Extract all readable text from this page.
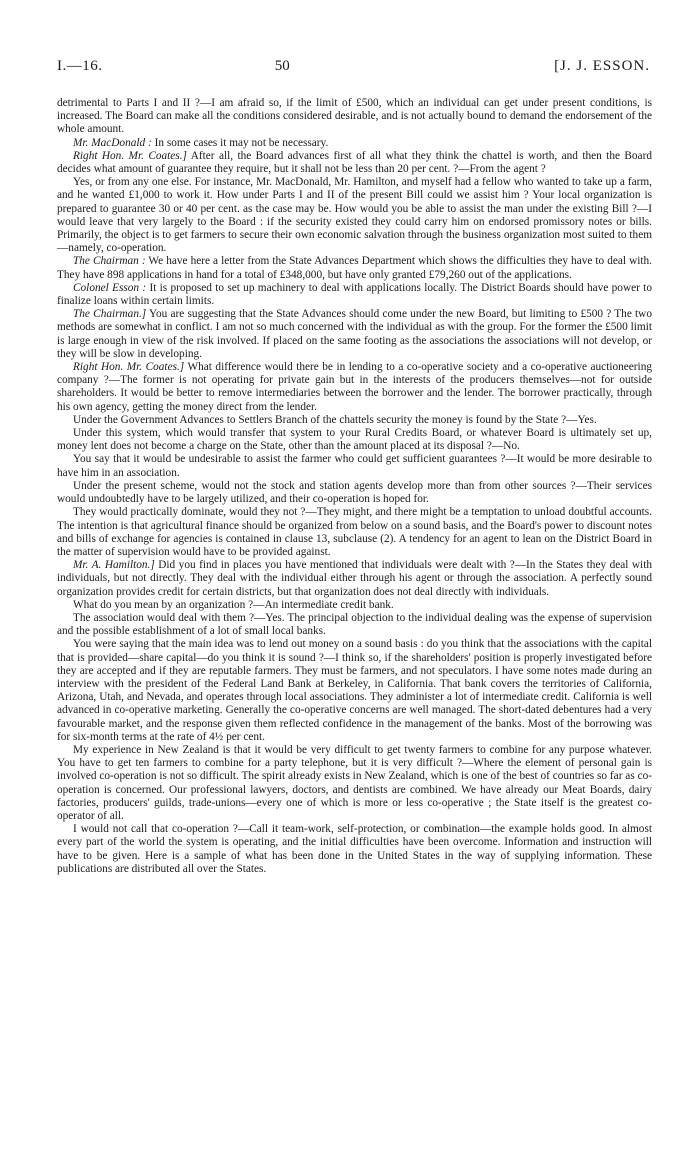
I.—16.	50	[J. J. ESSON.

detrimental to Parts I and II ?—I am afraid so, if the limit of £500, which an individual can get under present conditions, is increased. The Board can make all the conditions considered desirable, and is not actually bound to demand the endorsement of the whole amount.

Mr. MacDonald : In some cases it may not be necessary.

Right Hon. Mr. Coates.] After all, the Board advances first of all what they think the chattel is worth, and then the Board decides what amount of guarantee they require, but it shall not be less than 20 per cent. ?—From the agent ?

Yes, or from any one else. For instance, Mr. MacDonald, Mr. Hamilton, and myself had a fellow who wanted to take up a farm, and he wanted £1,000 to work it. How under Parts I and II of the present Bill could we assist him ? Your local organization is prepared to guarantee 30 or 40 per cent. as the case may be. How would you be able to assist the man under the existing Bill ?—I would leave that very largely to the Board : if the security existed they could carry him on endorsed promissory notes or bills. Primarily, the object is to get farmers to secure their own economic salvation through the business organization most suited to them—namely, co-operation.

The Chairman : We have here a letter from the State Advances Department which shows the difficulties they have to deal with. They have 898 applications in hand for a total of £348,000, but have only granted £79,260 out of the applications.

Colonel Esson : It is proposed to set up machinery to deal with applications locally. The District Boards should have power to finalize loans within certain limits.

The Chairman.] You are suggesting that the State Advances should come under the new Board, but limiting to £500 ? The two methods are somewhat in conflict. I am not so much concerned with the individual as with the group. For the former the £500 limit is large enough in view of the risk involved. If placed on the same footing as the associations the associations will not develop, or they will be slow in developing.

Right Hon. Mr. Coates.] What difference would there be in lending to a co-operative society and a co-operative auctioneering company ?—The former is not operating for private gain but in the interests of the producers themselves—not for outside shareholders. It would be better to remove intermediaries between the borrower and the lender. The borrower practically, through his own agency, getting the money direct from the lender.

Under the Government Advances to Settlers Branch of the chattels security the money is found by the State ?—Yes.

Under this system, which would transfer that system to your Rural Credits Board, or whatever Board is ultimately set up, money lent does not become a charge on the State, other than the amount placed at its disposal ?—No.

You say that it would be undesirable to assist the farmer who could get sufficient guarantees ?—It would be more desirable to have him in an association.

Under the present scheme, would not the stock and station agents develop more than from other sources ?—Their services would undoubtedly have to be largely utilized, and their co-operation is hoped for.

They would practically dominate, would they not ?—They might, and there might be a temptation to unload doubtful accounts. The intention is that agricultural finance should be organized from below on a sound basis, and the Board's power to discount notes and bills of exchange for agencies is contained in clause 13, subclause (2). A tendency for an agent to lean on the District Board in the matter of supervision would have to be provided against.

Mr. A. Hamilton.] Did you find in places you have mentioned that individuals were dealt with ?—In the States they deal with individuals, but not directly. They deal with the individual either through his agent or through the association. A perfectly sound organization provides credit for certain districts, but that organization does not deal directly with individuals.

What do you mean by an organization ?—An intermediate credit bank.

The association would deal with them ?—Yes. The principal objection to the individual dealing was the expense of supervision and the possible establishment of a lot of small local banks.

You were saying that the main idea was to lend out money on a sound basis : do you think that the associations with the capital that is provided—share capital—do you think it is sound ?—I think so, if the shareholders' position is properly investigated before they are accepted and if they are reputable farmers. They must be farmers, and not speculators. I have some notes made during an interview with the president of the Federal Land Bank at Berkeley, in California. That bank covers the territories of California, Arizona, Utah, and Nevada, and operates through local associations. They administer a lot of intermediate credit. California is well advanced in co-operative marketing. Generally the co-operative concerns are well managed. The short-dated debentures had a very favourable market, and the response given them reflected confidence in the management of the banks. Most of the borrowing was for six-month terms at the rate of 4½ per cent.

My experience in New Zealand is that it would be very difficult to get twenty farmers to combine for any purpose whatever. You have to get ten farmers to combine for a party telephone, but it is very difficult ?—Where the element of personal gain is involved co-operation is not so difficult. The spirit already exists in New Zealand, which is one of the best of countries so far as co-operation is concerned. Our professional lawyers, doctors, and dentists are combined. We have already our Meat Boards, dairy factories, producers' guilds, trade-unions—every one of which is more or less co-operative ; the State itself is the greatest co-operator of all.

I would not call that co-operation ?—Call it team-work, self-protection, or combination—the example holds good. In almost every part of the world the system is operating, and the initial difficulties have been overcome. Information and instruction will have to be given. Here is a sample of what has been done in the United States in the way of supplying information. These publications are distributed all over the States.
